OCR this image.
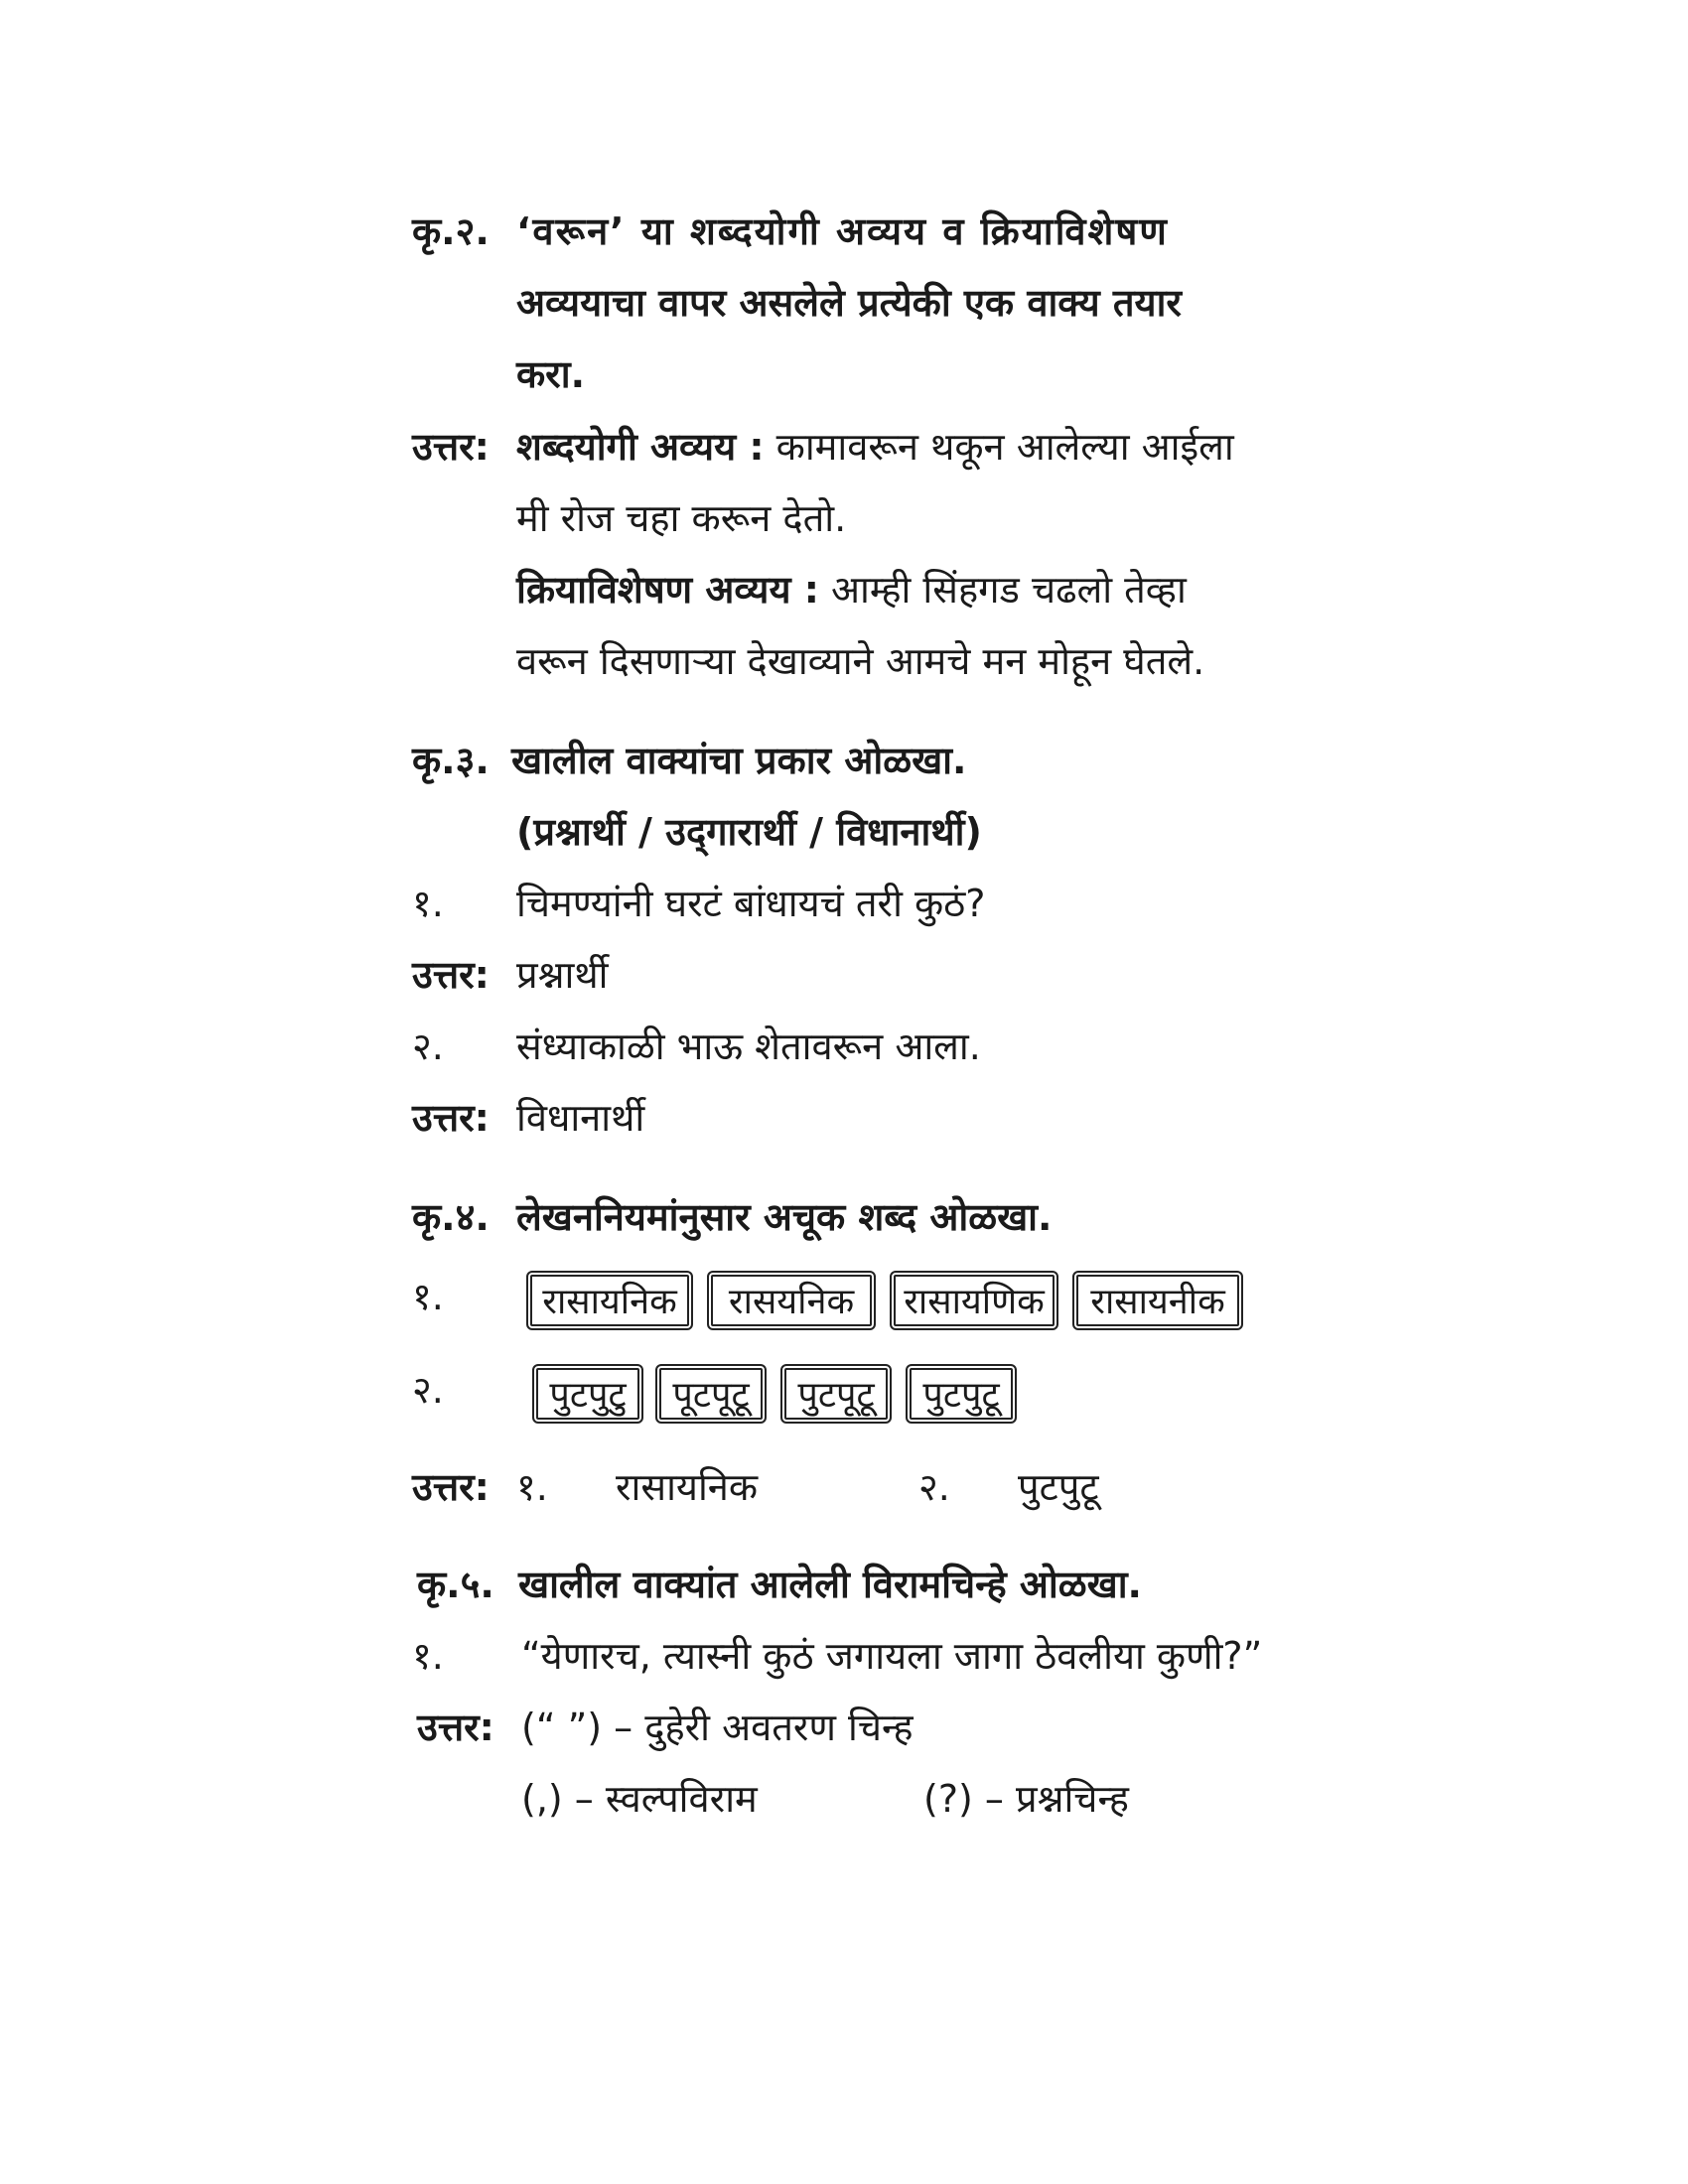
कृ.२. ‘वरून’ या शब्दयोगी अव्यय व क्रियाविशेषण
अव्ययाचा वापर असलेले प्रत्येकी एक वाक्य तयार
करा.
उत्तर: शब्दयोगी अव्यय : कामावरून थकून आलेल्या आईला
मी रोज चहा करून देतो.
क्रियाविशेषण अव्यय : आम्ही सिंहगड चढलो तेव्हा
वरून दिसणाऱ्या देखाव्याने आमचे मन मोहून घेतले.
कृ.३. खालील वाक्यांचा प्रकार ओळखा.
(प्रश्नार्थी / उद्‌गारार्थी / विधानार्थी)
१. चिमण्यांनी घरटं बांधायचं तरी कुठं?
उत्तर: प्रश्नार्थी
२. संध्याकाळी भाऊ शेतावरून आला.
उत्तर: विधानार्थी
कृ.४. लेखननियमांनुसार अचूक शब्द ओळखा.
१.	रासायनिक	रासयनिक	रासायणिक	रासायनीक
२.	पुटपुटु	पूटपूटू	पुटपूटू	पुटपुटू
उत्तर: १. रासायनिक	२. पुटपुटू
कृ.५. खालील वाक्यांत आलेली विरामचिन्हे ओळखा.
१. “येणारच, त्यास्नी कुठं जगायला जागा ठेवलीया कुणी?”
उत्तर: (“ ”) – दुहेरी अवतरण चिन्ह
(,) – स्वल्पविराम	(?) – प्रश्नचिन्ह
